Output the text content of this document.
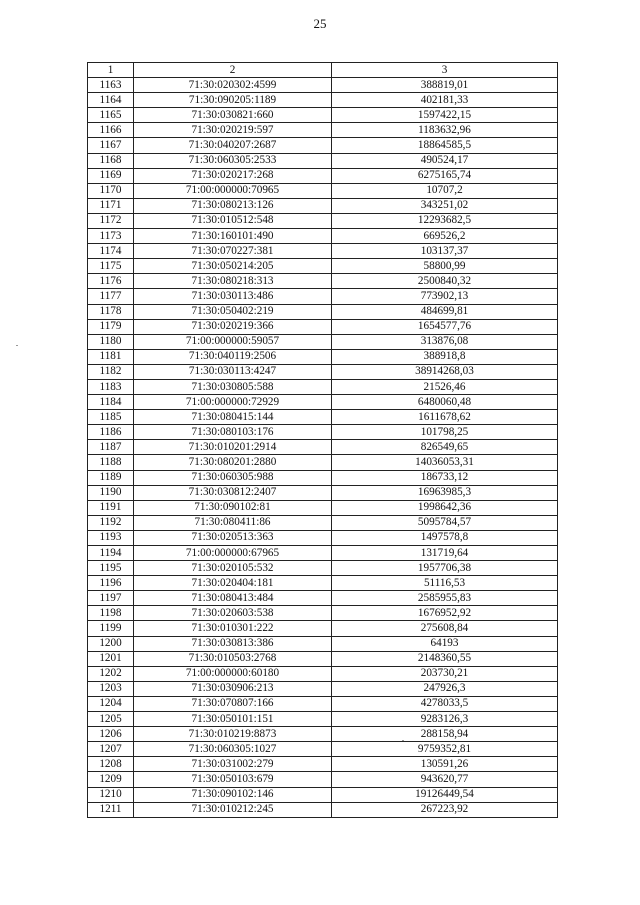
25
1	2	3
1163	71:30:020302:4599	388819,01
1164	71:30:090205:1189	402181,33
1165	71:30:030821:660	1597422,15
1166	71:30:020219:597	1183632,96
1167	71:30:040207:2687	18864585,5
1168	71:30:060305:2533	490524,17
1169	71:30:020217:268	6275165,74
1170	71:00:000000:70965	10707,2
1171	71:30:080213:126	343251,02
1172	71:30:010512:548	12293682,5
1173	71:30:160101:490	669526,2
1174	71:30:070227:381	103137,37
1175	71:30:050214:205	58800,99
1176	71:30:080218:313	2500840,32
1177	71:30:030113:486	773902,13
1178	71:30:050402:219	484699,81
1179	71:30:020219:366	1654577,76
1180	71:00:000000:59057	313876,08
1181	71:30:040119:2506	388918,8
1182	71:30:030113:4247	38914268,03
1183	71:30:030805:588	21526,46
1184	71:00:000000:72929	6480060,48
1185	71:30:080415:144	1611678,62
1186	71:30:080103:176	101798,25
1187	71:30:010201:2914	826549,65
1188	71:30:080201:2880	14036053,31
1189	71:30:060305:988	186733,12
1190	71:30:030812:2407	16963985,3
1191	71:30:090102:81	1998642,36
1192	71:30:080411:86	5095784,57
1193	71:30:020513:363	1497578,8
1194	71:00:000000:67965	131719,64
1195	71:30:020105:532	1957706,38
1196	71:30:020404:181	51116,53
1197	71:30:080413:484	2585955,83
1198	71:30:020603:538	1676952,92
1199	71:30:010301:222	275608,84
1200	71:30:030813:386	64193
1201	71:30:010503:2768	2148360,55
1202	71:00:000000:60180	203730,21
1203	71:30:030906:213	247926,3
1204	71:30:070807:166	4278033,5
1205	71:30:050101:151	9283126,3
1206	71:30:010219:8873	288158,94
1207	71:30:060305:1027	9759352,81
1208	71:30:031002:279	130591,26
1209	71:30:050103:679	943620,77
1210	71:30:090102:146	19126449,54
1211	71:30:010212:245	267223,92
